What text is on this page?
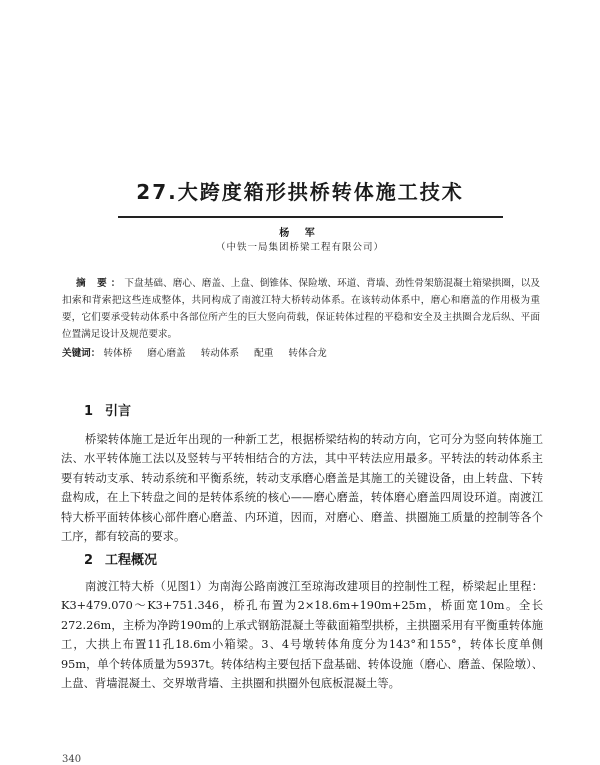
27.大跨度箱形拱桥转体施工技术
杨 军
（中铁一局集团桥梁工程有限公司）
摘 要：下盘基础、磨心、磨盖、上盘、倒锥体、保险墩、环道、背墙、劲性骨架筋混凝土箱梁拱圈，以及扣索和背索把这些连成整体，共同构成了南渡江特大桥转动体系。在该转动体系中，磨心和磨盖的作用极为重要，它们要承受转动体系中各部位所产生的巨大竖向荷载，保证转体过程的平稳和安全及主拱圈合龙后纵、平面位置满足设计及规范要求。
关键词： 转体桥 磨心磨盖 转动体系 配重 转体合龙
1 引言
桥梁转体施工是近年出现的一种新工艺，根据桥梁结构的转动方向，它可分为竖向转体施工法、水平转体施工法以及竖转与平转相结合的方法，其中平转法应用最多。平转法的转动体系主要有转动支承、转动系统和平衡系统，转动支承磨心磨盖是其施工的关键设备，由上转盘、下转盘构成，在上下转盘之间的是转体系统的核心——磨心磨盖，转体磨心磨盖四周设环道。南渡江特大桥平面转体核心部件磨心磨盖、内环道，因而，对磨心、磨盖、拱圈施工质量的控制等各个工序，都有较高的要求。
2 工程概况
南渡江特大桥（见图1）为南海公路南渡江至琼海改建项目的控制性工程，桥梁起止里程：K3+479.070～K3+751.346，桥孔布置为2×18.6m+190m+25m，桥面宽10m。全长272.26m，主桥为净跨190m的上承式钢筋混凝土等截面箱型拱桥，主拱圈采用有平衡重转体施工，大拱上布置11孔18.6m小箱梁。3、4号墩转体角度分为143°和155°，转体长度单侧95m，单个转体质量为5937t。转体结构主要包括下盘基础、转体设施（磨心、磨盖、保险墩）、上盘、背墙混凝土、交界墩背墙、主拱圈和拱圈外包底板混凝土等。
340
